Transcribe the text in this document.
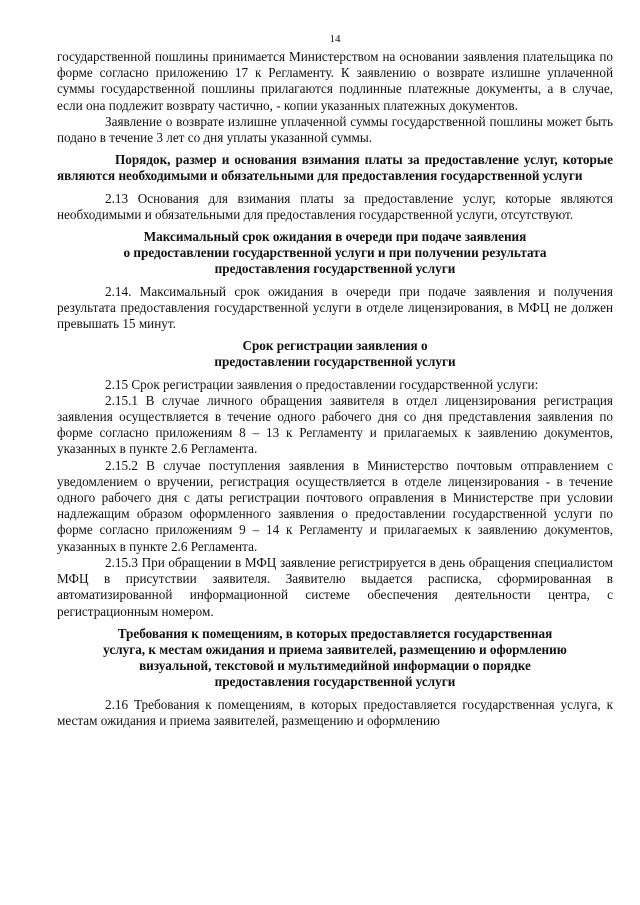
14

государственной пошлины принимается Министерством на основании заявления плательщика по форме согласно приложению 17 к Регламенту. К заявлению о возврате излишне уплаченной суммы государственной пошлины прилагаются подлинные платежные документы, а в случае, если она подлежит возврату частично, - копии указанных платежных документов.

Заявление о возврате излишне уплаченной суммы государственной пошлины может быть подано в течение 3 лет со дня уплаты указанной суммы.

Порядок, размер и основания взимания платы за предоставление услуг, которые являются необходимыми и обязательными для предоставления государственной услуги

2.13 Основания для взимания платы за предоставление услуг, которые являются необходимыми и обязательными для предоставления государственной услуги, отсутствуют.

Максимальный срок ожидания в очереди при подаче заявления
о предоставлении государственной услуги и при получении результата
предоставления государственной услуги

2.14. Максимальный срок ожидания в очереди при подаче заявления и получения результата предоставления государственной услуги в отделе лицензирования, в МФЦ не должен превышать 15 минут.

Срок регистрации заявления о
предоставлении государственной услуги

2.15 Срок регистрации заявления о предоставлении государственной услуги:

2.15.1 В случае личного обращения заявителя в отдел лицензирования регистрация заявления осуществляется в течение одного рабочего дня со дня представления заявления по форме согласно приложениям 8 – 13 к Регламенту и прилагаемых к заявлению документов, указанных в пункте 2.6 Регламента.

2.15.2 В случае поступления заявления в Министерство почтовым отправлением с уведомлением о вручении, регистрация осуществляется в отделе лицензирования - в течение одного рабочего дня с даты регистрации почтового оправления в Министерстве при условии надлежащим образом оформленного заявления о предоставлении государственной услуги по форме согласно приложениям 9 – 14 к Регламенту и прилагаемых к заявлению документов, указанных в пункте 2.6 Регламента.

2.15.3 При обращении в МФЦ заявление регистрируется в день обращения специалистом МФЦ в присутствии заявителя. Заявителю выдается расписка, сформированная в автоматизированной информационной системе обеспечения деятельности центра, с регистрационным номером.

Требования к помещениям, в которых предоставляется государственная
услуга, к местам ожидания и приема заявителей, размещению и оформлению
визуальной, текстовой и мультимедийной информации о порядке
предоставления государственной услуги

2.16 Требования к помещениям, в которых предоставляется государственная услуга, к местам ожидания и приема заявителей, размещению и оформлению
